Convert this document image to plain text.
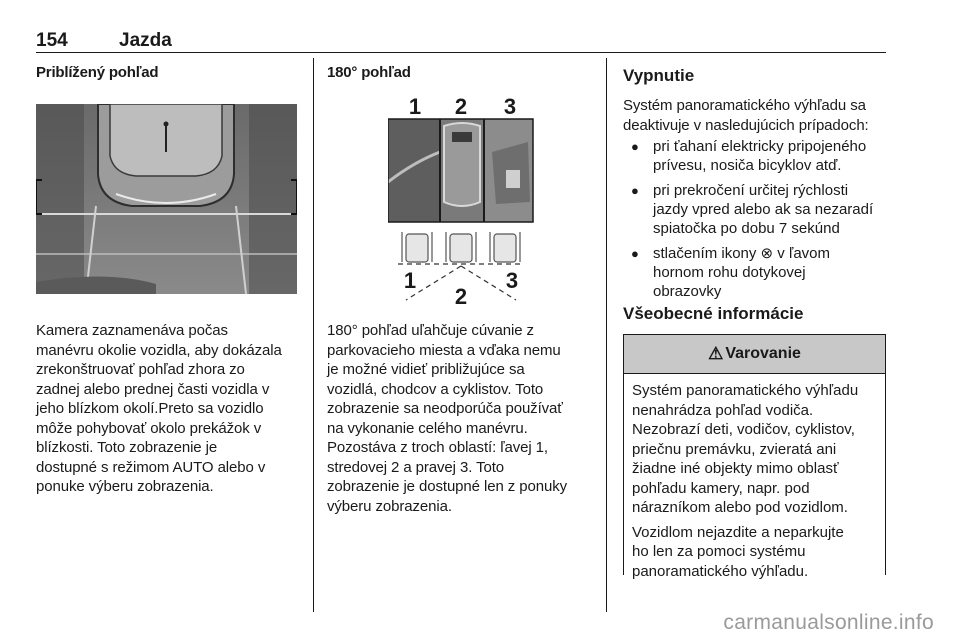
154	Jazda
Priblížený pohľad
Kamera zaznamenáva počas
manévru okolie vozidla, aby dokázala
zrekonštruovať pohľad zhora zo
zadnej alebo prednej časti vozidla v
jeho blízkom okolí.Preto sa vozidlo
môže pohybovať okolo prekážok v
blízkosti. Toto zobrazenie je
dostupné s režimom AUTO alebo v
ponuke výberu zobrazenia.
180° pohľad
1 2 3
1
2
3
180° pohľad uľahčuje cúvanie z
parkovacieho miesta a vďaka nemu
je možné vidieť približujúce sa
vozidlá, chodcov a cyklistov. Toto
zobrazenie sa neodporúča používať
na vykonanie celého manévru.
Pozostáva z troch oblastí: ľavej 1,
stredovej 2 a pravej 3. Toto
zobrazenie je dostupné len z ponuky
výberu zobrazenia.
Vypnutie
Systém panoramatického výhľadu sa
deaktivuje v nasledujúcich prípadoch:
● pri ťahaní elektricky pripojeného
prívesu, nosiča bicyklov atď.
● pri prekročení určitej rýchlosti
jazdy vpred alebo ak sa nezaradí
spiatočka po dobu 7 sekúnd
● stlačením ikony ⊗ v ľavom
hornom rohu dotykovej
obrazovky
Všeobecné informácie
⚠ Varovanie

Systém panoramatického výhľadu
nenahrádza pohľad vodiča.
Nezobrazí deti, vodičov, cyklistov,
priečnu premávku, zvieratá ani
žiadne iné objekty mimo oblasť
pohľadu kamery, napr. pod
nárazníkom alebo pod vozidlom.

Vozidlom nejazdite a neparkujte
ho len za pomoci systému
panoramatického výhľadu.

carmanualsonline.info
